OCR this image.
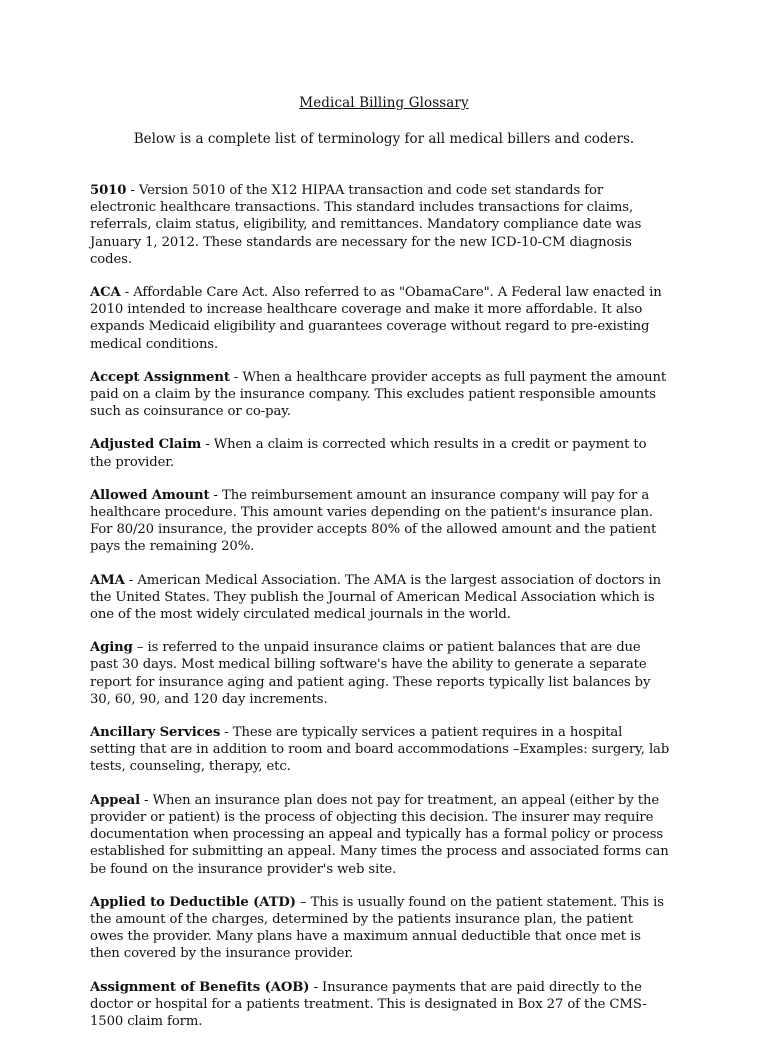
Medical Billing Glossary
Below is a complete list of terminology for all medical billers and coders.

5010 - Version 5010 of the X12 HIPAA transaction and code set standards for electronic healthcare transactions. This standard includes transactions for claims, referrals, claim status, eligibility, and remittances. Mandatory compliance date was January 1, 2012. These standards are necessary for the new ICD-10-CM diagnosis codes.

ACA - Affordable Care Act. Also referred to as "ObamaCare". A Federal law enacted in 2010 intended to increase healthcare coverage and make it more affordable. It also expands Medicaid eligibility and guarantees coverage without regard to pre-existing medical conditions.

Accept Assignment - When a healthcare provider accepts as full payment the amount paid on a claim by the insurance company. This excludes patient responsible amounts such as coinsurance or co-pay.

Adjusted Claim - When a claim is corrected which results in a credit or payment to the provider.

Allowed Amount - The reimbursement amount an insurance company will pay for a healthcare procedure. This amount varies depending on the patient's insurance plan. For 80/20 insurance, the provider accepts 80% of the allowed amount and the patient pays the remaining 20%.

AMA - American Medical Association. The AMA is the largest association of doctors in the United States. They publish the Journal of American Medical Association which is one of the most widely circulated medical journals in the world.

Aging – is referred to the unpaid insurance claims or patient balances that are due past 30 days. Most medical billing software's have the ability to generate a separate report for insurance aging and patient aging. These reports typically list balances by 30, 60, 90, and 120 day increments.

Ancillary Services - These are typically services a patient requires in a hospital setting that are in addition to room and board accommodations –Examples: surgery, lab tests, counseling, therapy, etc.

Appeal - When an insurance plan does not pay for treatment, an appeal (either by the provider or patient) is the process of objecting this decision. The insurer may require documentation when processing an appeal and typically has a formal policy or process established for submitting an appeal. Many times the process and associated forms can be found on the insurance provider's web site.

Applied to Deductible (ATD) – This is usually found on the patient statement. This is the amount of the charges, determined by the patients insurance plan, the patient owes the provider. Many plans have a maximum annual deductible that once met is then covered by the insurance provider.

Assignment of Benefits (AOB) - Insurance payments that are paid directly to the doctor or hospital for a patients treatment. This is designated in Box 27 of the CMS-1500 claim form.
